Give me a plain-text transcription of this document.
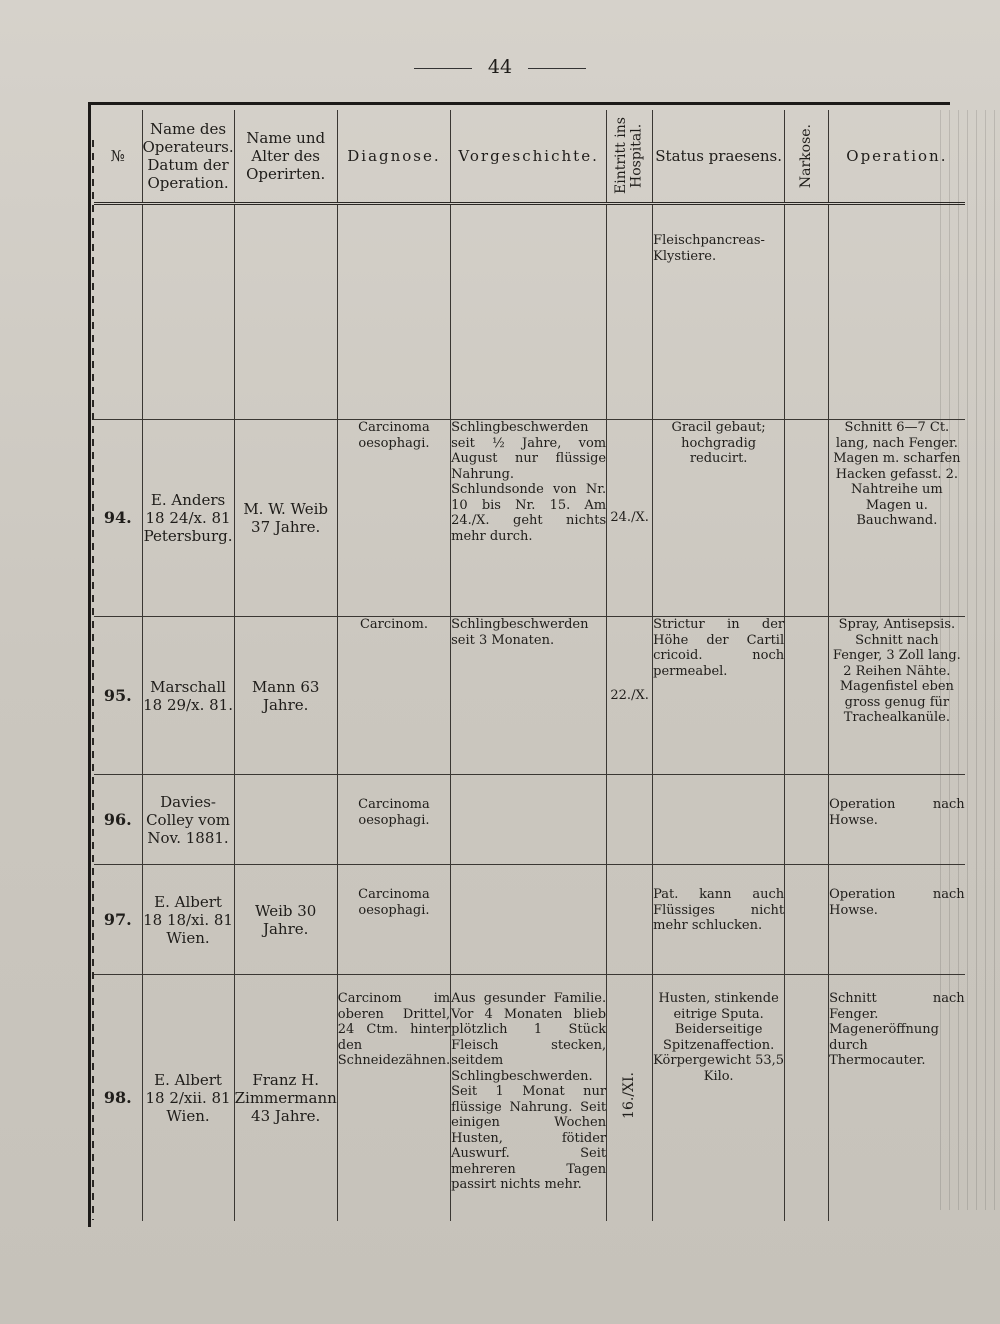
44
№	Name des Operateurs. Datum der Operation.	Name und Alter des Operirten.	Diagnose.	Vorgeschichte.	Eintritt ins Hospital.	Status praesens.	Narkose.	Operation.
						Fleischpancreas-Klystiere.		
94.	E. Anders 18 24/x. 81 Petersburg.	M. W. Weib 37 Jahre.	Carcinoma oesophagi.	Schlingbeschwerden seit ½ Jahre, vom August nur flüssige Nahrung. Schlundsonde von Nr. 10 bis Nr. 15. Am 24./X. geht nichts mehr durch.	24./X.	Gracil gebaut; hochgradig reducirt.		Schnitt 6—7 Ct. lang, nach Fenger. Magen m. scharfen Hacken gefasst. 2. Nahtreihe um Magen u. Bauchwand.
95.	Marschall 18 29/x. 81.	Mann 63 Jahre.	Carcinom.	Schlingbeschwerden seit 3 Monaten.	22./X.	Strictur in der Höhe der Cartil cricoid. noch permeabel.		Spray, Antisepsis. Schnitt nach Fenger, 3 Zoll lang. 2 Reihen Nähte. Magenfistel eben gross genug für Trachealkanüle.
96.	Davies-Colley vom Nov. 1881.		Carcinoma oesophagi.					Operation nach Howse.
97.	E. Albert 18 18/xi. 81 Wien.	Weib 30 Jahre.	Carcinoma oesophagi.			Pat. kann auch Flüssiges nicht mehr schlucken.		Operation nach Howse.
98.	E. Albert 18 2/xii. 81 Wien.	Franz H. Zimmermann 43 Jahre.	Carcinom im oberen Drittel, 24 Ctm. hinter den Schneidezähnen.	Aus gesunder Familie. Vor 4 Monaten blieb plötzlich 1 Stück Fleisch stecken, seitdem Schlingbeschwerden. Seit 1 Monat nur flüssige Nahrung. Seit einigen Wochen Husten, fötider Auswurf. Seit mehreren Tagen passirt nichts mehr.	16./XI.	Husten, stinkende eitrige Sputa. Beiderseitige Spitzenaffection. Körpergewicht 53,5 Kilo.		Schnitt nach Fenger. Mageneröffnung durch Thermocauter.
